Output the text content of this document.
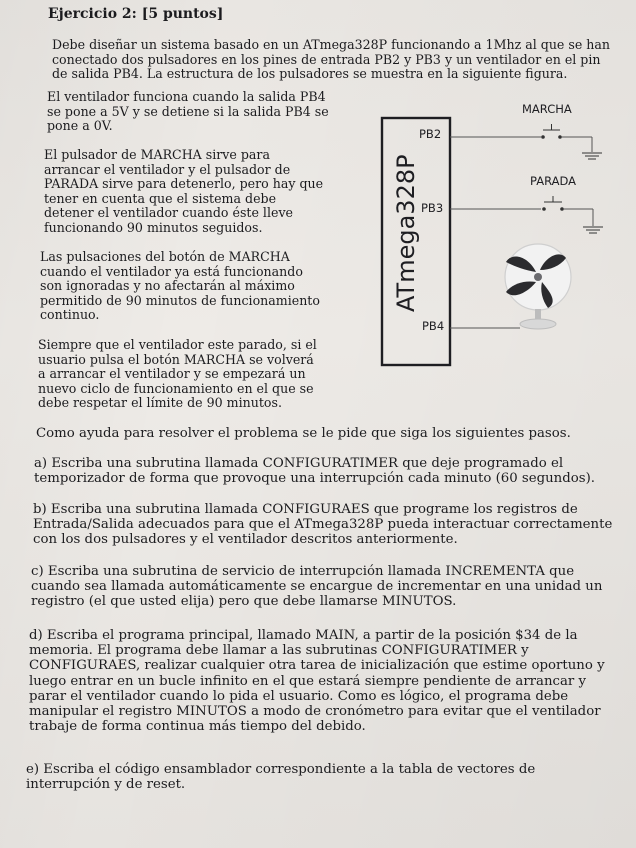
Ejercicio 2: [5 puntos]
Debe diseñar un sistema basado en un ATmega328P funcionando a 1Mhz al que se han
conectado dos pulsadores en los pines de entrada PB2 y PB3 y un ventilador en el pin
de salida PB4. La estructura de los pulsadores se muestra en la siguiente figura.
El ventilador funciona cuando la salida PB4
se pone a 5V y se detiene si la salida PB4 se
pone a 0V.
El pulsador de MARCHA sirve para
arrancar el ventilador y el pulsador de
PARADA sirve para detenerlo, pero hay que
tener en cuenta que el sistema debe
detener el ventilador cuando éste lleve
funcionando 90 minutos seguidos.
Las pulsaciones del botón de MARCHA
cuando el ventilador ya está funcionando
son ignoradas y no afectarán al máximo
permitido de 90 minutos de funcionamiento
continuo.
Siempre que el ventilador este parado, si el
usuario pulsa el botón MARCHA se volverá
a arrancar el ventilador y se empezará un
nuevo ciclo de funcionamiento en el que se
debe respetar el límite de 90 minutos.
ATmega328P
PB2
MARCHA
PB3
PARADA
PB4
Como ayuda para resolver el problema se le pide que siga los siguientes pasos.
a) Escriba una subrutina llamada CONFIGURATIMER que deje programado el
temporizador de forma que provoque una interrupción cada minuto (60 segundos).
b) Escriba una subrutina llamada CONFIGURAES que programe los registros de
Entrada/Salida adecuados para que el ATmega328P pueda interactuar correctamente
con los dos pulsadores y el ventilador descritos anteriormente.
c) Escriba una subrutina de servicio de interrupción llamada INCREMENTA que
cuando sea llamada automáticamente se encargue de incrementar en una unidad un
registro (el que usted elija) pero que debe llamarse MINUTOS.
d) Escriba el programa principal, llamado MAIN, a partir de la posición $34 de la
memoria. El programa debe llamar a las subrutinas CONFIGURATIMER y
CONFIGURAES, realizar cualquier otra tarea de inicialización que estime oportuno y
luego entrar en un bucle infinito en el que estará siempre pendiente de arrancar y
parar el ventilador cuando lo pida el usuario. Como es lógico, el programa debe
manipular el registro MINUTOS a modo de cronómetro para evitar que el ventilador
trabaje de forma continua más tiempo del debido.
e) Escriba el código ensamblador correspondiente a la tabla de vectores de
interrupción y de reset.
